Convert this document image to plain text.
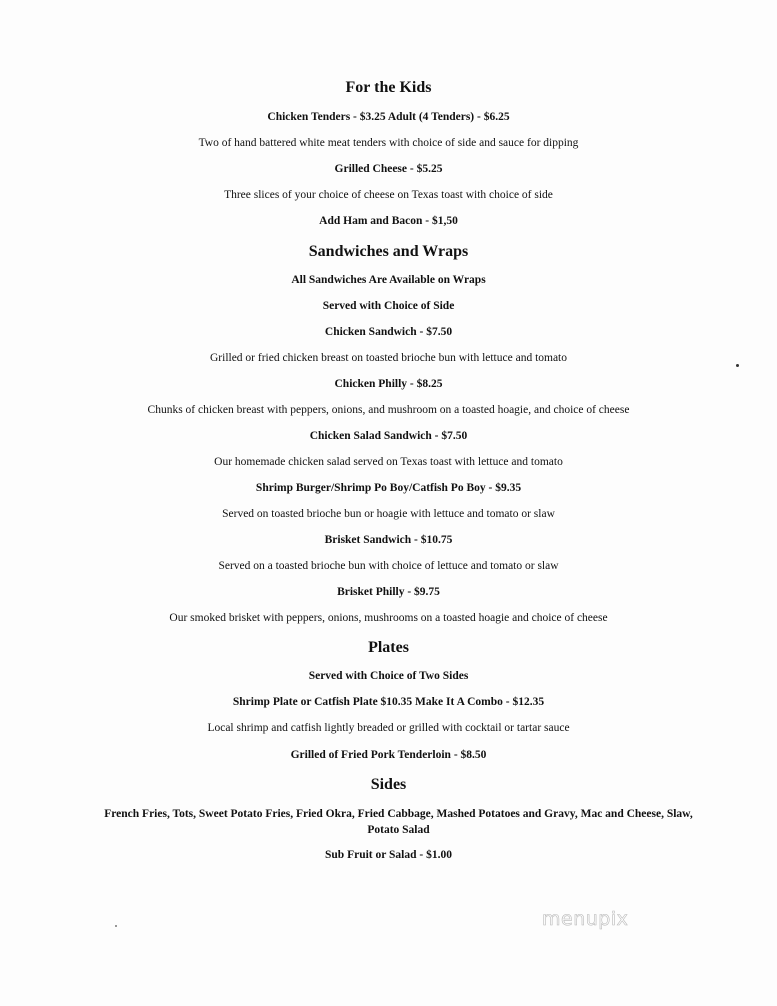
For the Kids
Chicken Tenders - $3.25 Adult (4 Tenders) - $6.25
Two of hand battered white meat tenders with choice of side and sauce for dipping
Grilled Cheese - $5.25
Three slices of your choice of cheese on Texas toast with choice of side
Add Ham and Bacon - $1,50
Sandwiches and Wraps
All Sandwiches Are Available on Wraps
Served with Choice of Side
Chicken Sandwich - $7.50
Grilled or fried chicken breast on toasted brioche bun with lettuce and tomato
Chicken Philly - $8.25
Chunks of chicken breast with peppers, onions, and mushroom on a toasted hoagie, and choice of cheese
Chicken Salad Sandwich - $7.50
Our homemade chicken salad served on Texas toast with lettuce and tomato
Shrimp Burger/Shrimp Po Boy/Catfish Po Boy - $9.35
Served on toasted brioche bun or hoagie with lettuce and tomato or slaw
Brisket Sandwich - $10.75
Served on a toasted brioche bun with choice of lettuce and tomato or slaw
Brisket Philly - $9.75
Our smoked brisket with peppers, onions, mushrooms on a toasted hoagie and choice of cheese
Plates
Served with Choice of Two Sides
Shrimp Plate or Catfish Plate $10.35 Make It A Combo - $12.35
Local shrimp and catfish lightly breaded or grilled with cocktail or tartar sauce
Grilled of Fried Pork Tenderloin - $8.50
Sides
French Fries, Tots, Sweet Potato Fries, Fried Okra, Fried Cabbage, Mashed Potatoes and Gravy, Mac and Cheese, Slaw, Potato Salad
Sub Fruit or Salad - $1.00
menupix
